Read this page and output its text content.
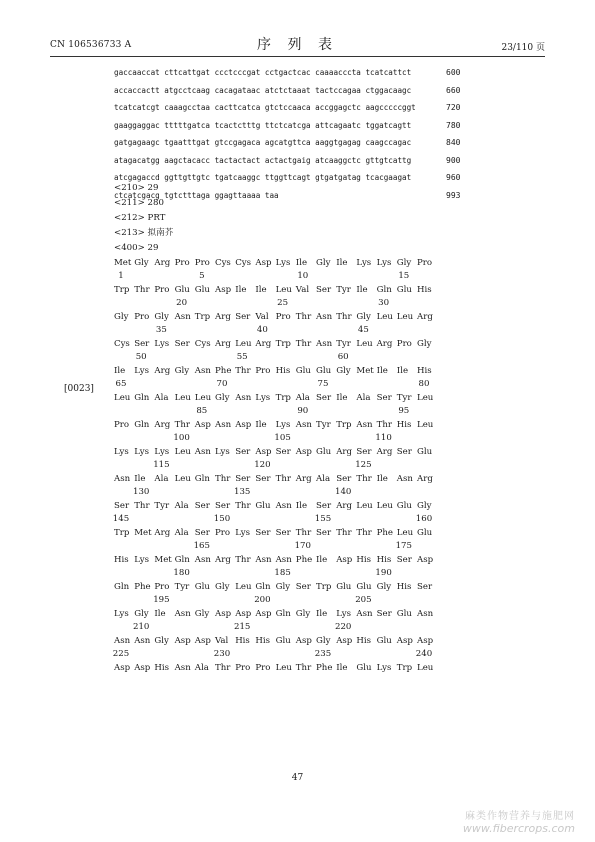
CN 106536733 A	序 列 表	23/110 页
gaccaaccat cttcattgat ccctcccgat cctgactcac caaaacccta tcatcattct	600
accaccactt atgcctcaag cacagataac atctctaaat tactccagaa ctggacaagc	660
tcatcatcgt caaagcctaa cacttcatca gtctccaaca accggagctc aagcccccggt	720
gaaggaggac tttttgatca tcactctttg ttctcatcga attcagaatc tggatcagtt	780
gatgagaagc tgaatttgat gtccgagaca agcatgttca aaggtgagag caagccagac	840
atagacatgg aagctacacc tactactact actactgaig atcaaggctc gttgtcattg	900
atcgagaccd ggttgttgtc tgatcaaggc ttggttcagt gtgatgatag tcacgaagat	960
ctcatcgacg tgtctttaga ggagttaaaa taa	993
<210> 29
<211> 280
<212> PRT
<213> 拟南芥
<400> 29
[0023]
Met Gly Arg Pro Pro Cys Cys Asp Lys Ile Gly Ile Lys Lys Gly Pro
1	5	10	15
Trp Thr Pro Glu Glu Asp Ile Ile Leu Val Ser Tyr Ile Gln Glu His
20	25	30
Gly Pro Gly Asn Trp Arg Ser Val Pro Thr Asn Thr Gly Leu Leu Arg
35	40	45
Cys Ser Lys Ser Cys Arg Leu Arg Trp Thr Asn Tyr Leu Arg Pro Gly
50	55	60
Ile Lys Arg Gly Asn Phe Thr Pro His Glu Glu Gly Met Ile Ile His
65	70	75	80
Leu Gln Ala Leu Leu Gly Asn Lys Trp Ala Ser Ile Ala Ser Tyr Leu
85	90	95
Pro Gln Arg Thr Asp Asn Asp Ile Lys Asn Tyr Trp Asn Thr His Leu
100	105	110
Lys Lys Lys Leu Asn Lys Ser Asp Ser Asp Glu Arg Ser Arg Ser Glu
115	120	125
Asn Ile Ala Leu Gln Thr Ser Ser Thr Arg Ala Ser Thr Ile Asn Arg
130	135	140
Ser Thr Tyr Ala Ser Ser Thr Glu Asn Ile Ser Arg Leu Leu Glu Gly
145	150	155	160
Trp Met Arg Ala Ser Pro Lys Ser Ser Thr Ser Thr Thr Phe Leu Glu
165	170	175
His Lys Met Gln Asn Arg Thr Asn Asn Phe Ile Asp His His Ser Asp
180	185	190
Gln Phe Pro Tyr Glu Gly Leu Gln Gly Ser Trp Glu Glu Gly His Ser
195	200	205
Lys Gly Ile Asn Gly Asp Asp Asp Gln Gly Ile Lys Asn Ser Glu Asn
210	215	220
Asn Asn Gly Asp Asp Val His His Glu Asp Gly Asp His Glu Asp Asp
225	230	235	240
Asp Asp His Asn Ala Thr Pro Pro Leu Thr Phe Ile Glu Lys Trp Leu
47
麻类作物营养与施肥网
www.fibercrops.com
